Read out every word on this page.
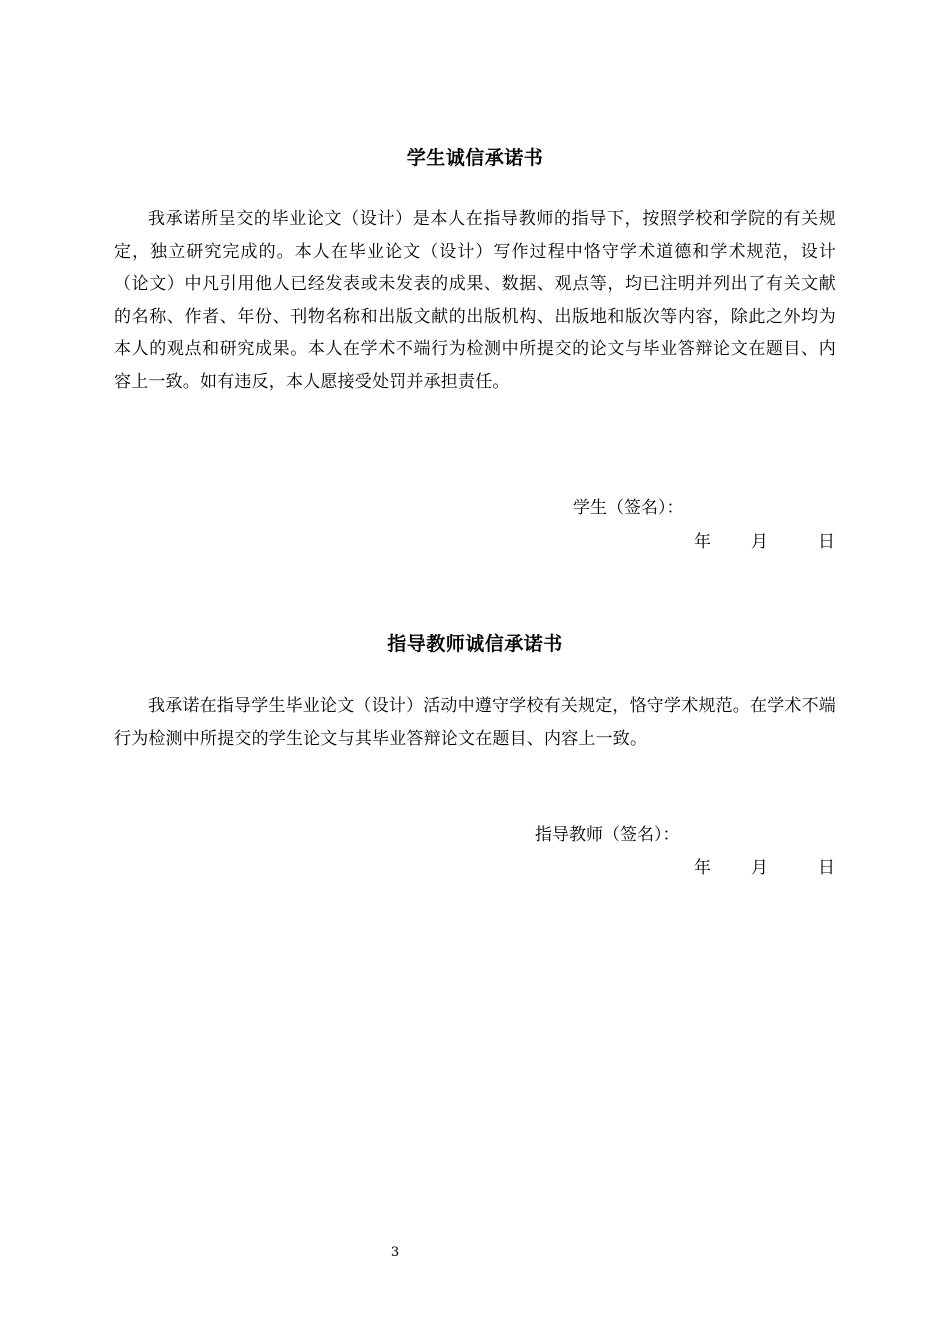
学生诚信承诺书
我承诺所呈交的毕业论文（设计）是本人在指导教师的指导下，按照学校和学院的有关规定，独立研究完成的。本人在毕业论文（设计）写作过程中恪守学术道德和学术规范，设计（论文）中凡引用他人已经发表或未发表的成果、数据、观点等，均已注明并列出了有关文献的名称、作者、年份、刊物名称和出版文献的出版机构、出版地和版次等内容，除此之外均为本人的观点和研究成果。本人在学术不端行为检测中所提交的论文与毕业答辩论文在题目、内容上一致。如有违反，本人愿接受处罚并承担责任。
学生（签名）：
年 月	日
指导教师诚信承诺书
我承诺在指导学生毕业论文（设计）活动中遵守学校有关规定，恪守学术规范。在学术不端行为检测中所提交的学生论文与其毕业答辩论文在题目、内容上一致。
指导教师（签名）：
年 月	日
3
